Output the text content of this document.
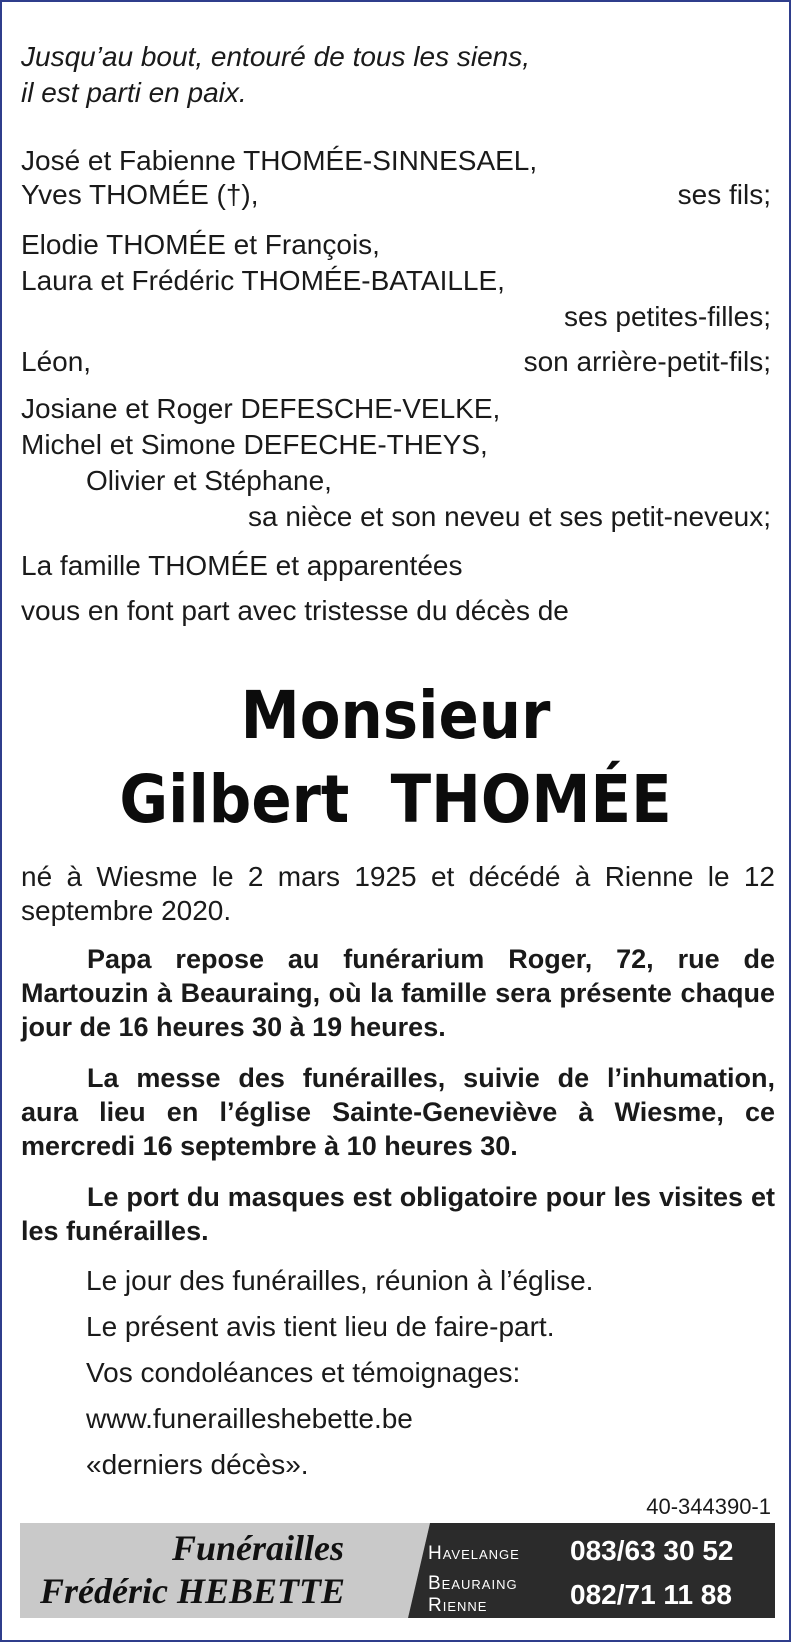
Jusqu’au bout, entouré de tous les siens,
il est parti en paix.
José et Fabienne THOMÉE-SINNESAEL,
Yves THOMÉE (†),	ses fils;
Elodie THOMÉE et François,
Laura et Frédéric THOMÉE-BATAILLE,
ses petites-filles;
Léon,	son arrière-petit-fils;
Josiane et Roger DEFESCHE-VELKE,
Michel et Simone DEFECHE-THEYS,
Olivier et Stéphane,
sa nièce et son neveu et ses petit-neveux;
La famille THOMÉE et apparentées
vous en font part avec tristesse du décès de
Monsieur
Gilbert  THOMÉE
né à Wiesme le 2 mars 1925 et décédé à Rienne le 12 septembre 2020.
Papa repose au funérarium Roger, 72, rue de Martouzin à Beauraing, où la famille sera présente chaque jour de 16 heures 30 à 19 heures.
La messe des funérailles, suivie de l’inhumation, aura lieu en l’église Sainte-Geneviève à Wiesme, ce mercredi 16 septembre à 10 heures 30.
Le port du masques est obligatoire pour les visites et les funérailles.
Le jour des funérailles, réunion à l’église.
Le présent avis tient lieu de faire-part.
Vos condoléances et témoignages:
www.funerailleshebette.be
«derniers décès».
40-344390-1
Funérailles
Frédéric HEBETTE
Havelange 083/63 30 52
Beauraing
Rienne	082/71 11 88
